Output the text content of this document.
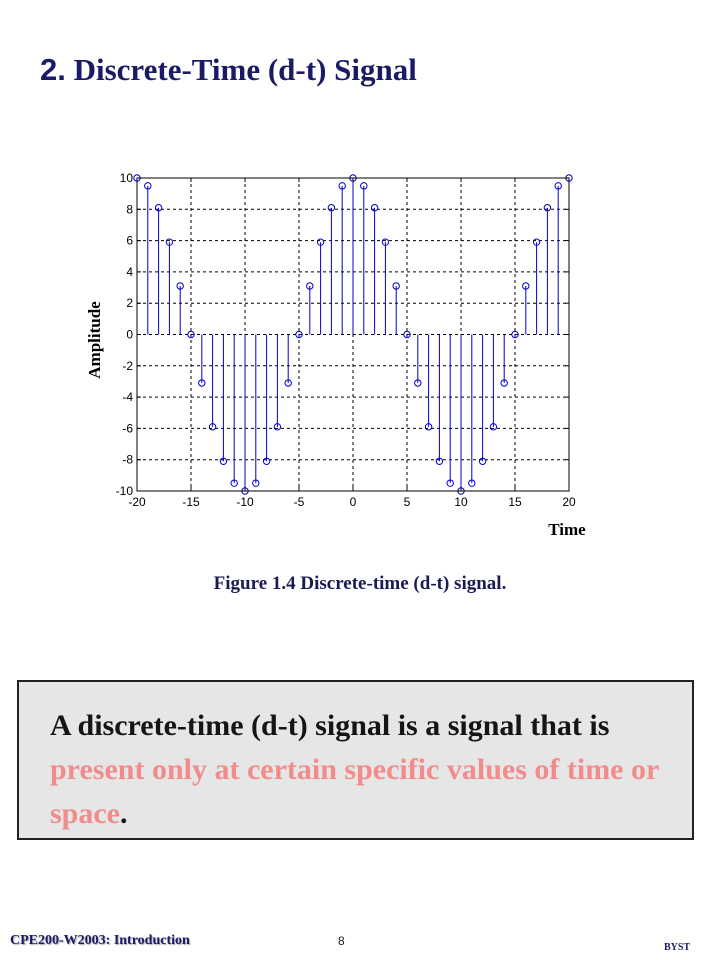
2. Discrete-Time (d-t) Signal
-20	-15	-10	-5	0	5	10	15	20
-10
-8
-6
-4
-2
0
2
4
6
8
10
Time
Amplitude
Figure 1.4 Discrete-time (d-t) signal.
A discrete-time (d-t) signal is a signal that is present only at certain specific values of time or space.
CPE200-W2003: Introduction	8	BYST
